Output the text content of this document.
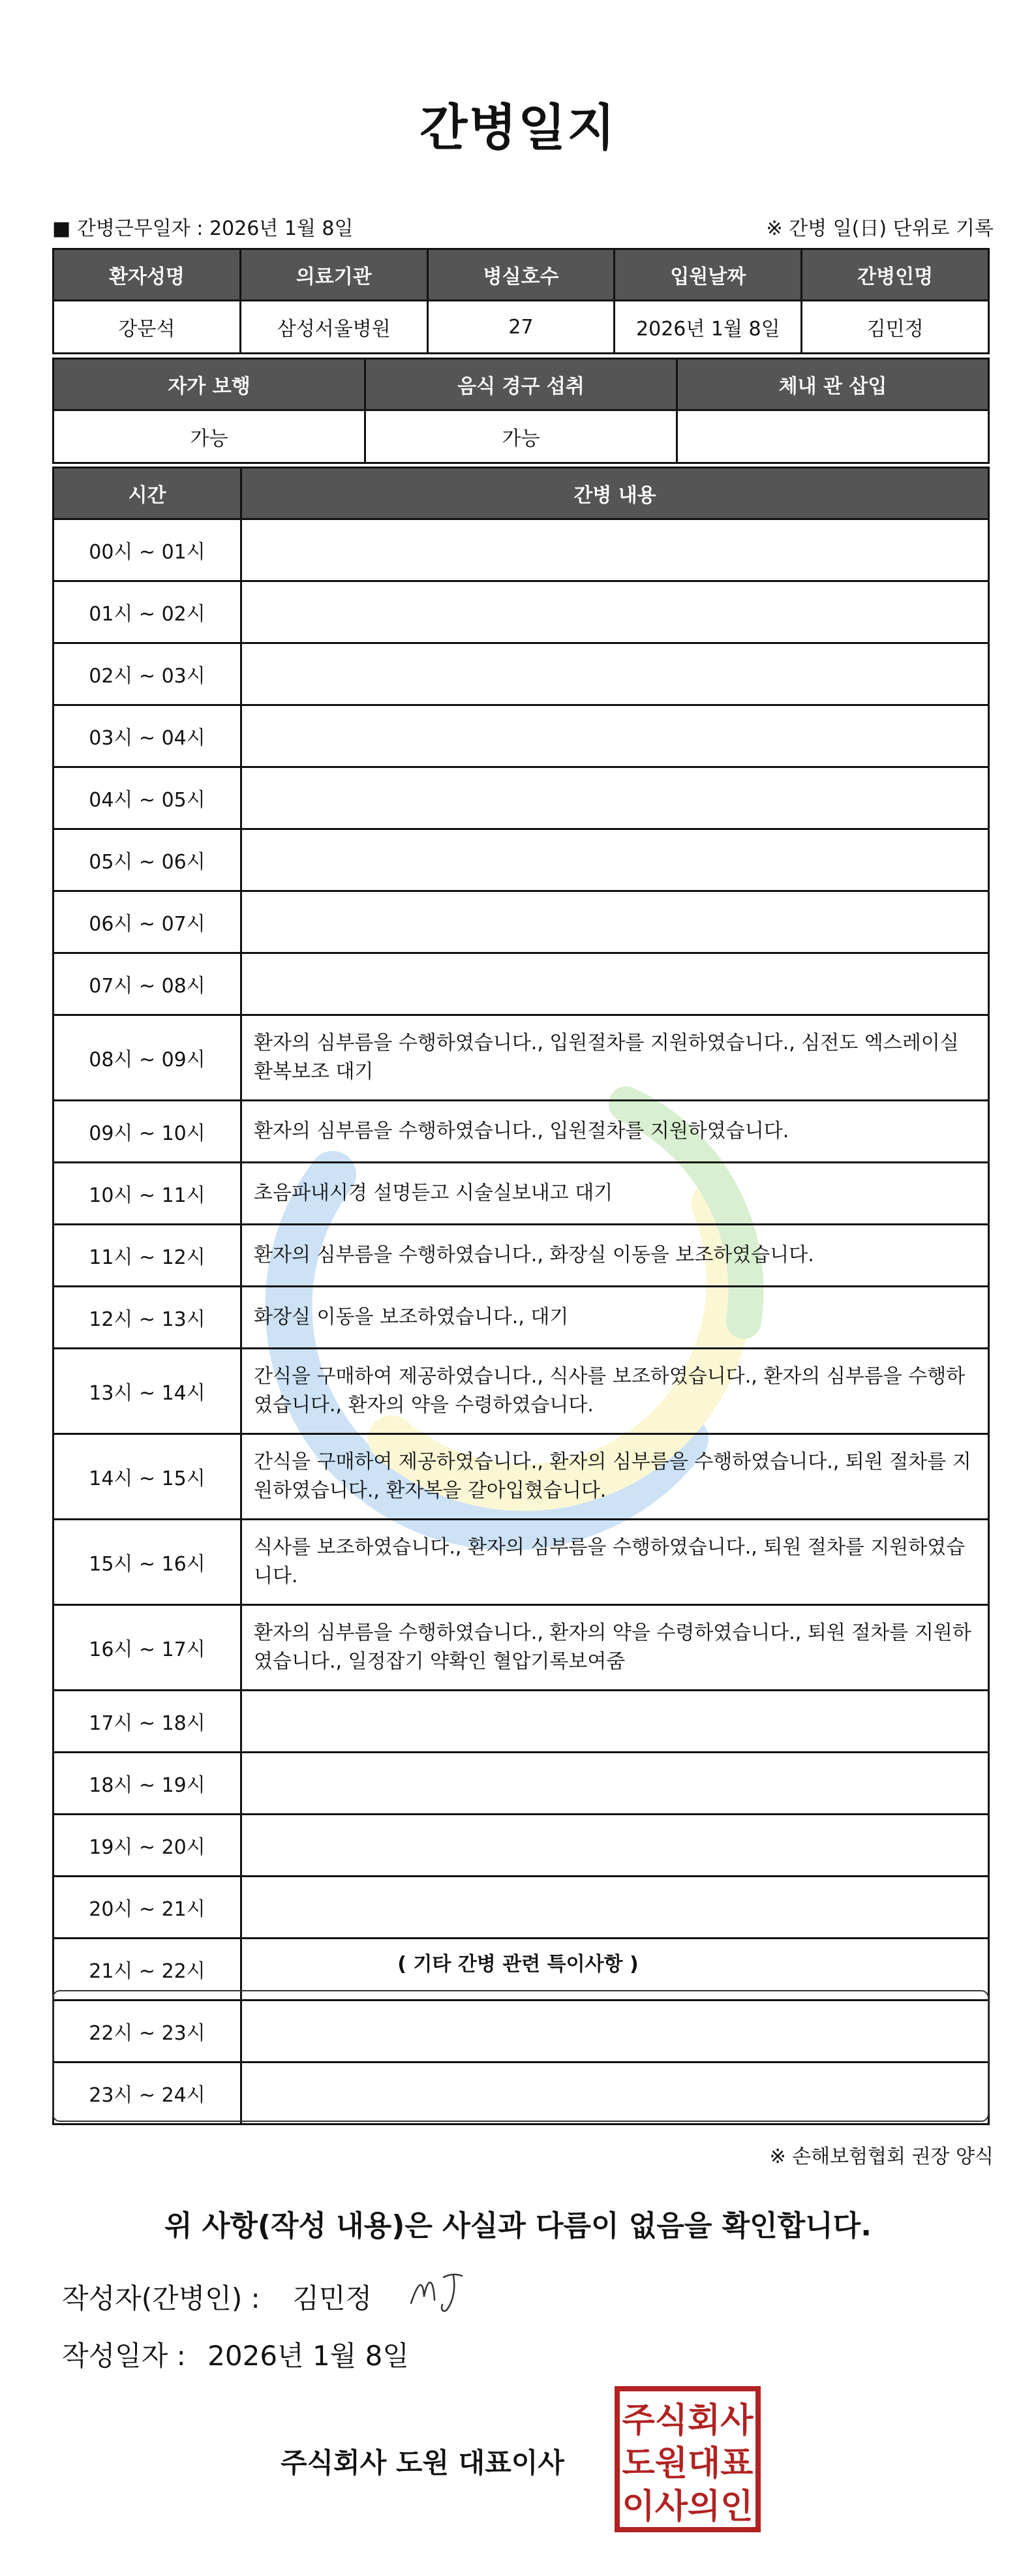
간병일지
■ 간병근무일자 : 2026년 1월 8일	※ 간병 일(日) 단위로 기록
환자성명	의료기관	병실호수	입원날짜	간병인명
강문석	삼성서울병원	27	2026년 1월 8일	김민정
자가 보행	음식 경구 섭취	체내 관 삽입
가능	가능	
시간	간병 내용
00시 ~ 01시	
01시 ~ 02시	
02시 ~ 03시	
03시 ~ 04시	
04시 ~ 05시	
05시 ~ 06시	
06시 ~ 07시	
07시 ~ 08시	
08시 ~ 09시	환자의 심부름을 수행하였습니다., 입원절차를 지원하였습니다., 심전도 엑스레이실 환복보조 대기
09시 ~ 10시	환자의 심부름을 수행하였습니다., 입원절차를 지원하였습니다.
10시 ~ 11시	초음파내시경 설명듣고 시술실보내고 대기
11시 ~ 12시	환자의 심부름을 수행하였습니다., 화장실 이동을 보조하였습니다.
12시 ~ 13시	화장실 이동을 보조하였습니다., 대기
13시 ~ 14시	간식을 구매하여 제공하였습니다., 식사를 보조하였습니다., 환자의 심부름을 수행하였습니다., 환자의 약을 수령하였습니다.
14시 ~ 15시	간식을 구매하여 제공하였습니다., 환자의 심부름을 수행하였습니다., 퇴원 절차를 지원하였습니다., 환자복을 갈아입혔습니다.
15시 ~ 16시	식사를 보조하였습니다., 환자의 심부름을 수행하였습니다., 퇴원 절차를 지원하였습니다.
16시 ~ 17시	환자의 심부름을 수행하였습니다., 환자의 약을 수령하였습니다., 퇴원 절차를 지원하였습니다., 일정잡기 약확인 혈압기록보여줌
17시 ~ 18시	
18시 ~ 19시	
19시 ~ 20시	
20시 ~ 21시	
21시 ~ 22시	
22시 ~ 23시	
23시 ~ 24시	
( 기타 간병 관련 특이사항 )
※ 손해보험협회 권장 양식
위 사항(작성 내용)은 사실과 다름이 없음을 확인합니다.
작성자(간병인) : 김민정
작성일자 : 2026년 1월 8일
주식회사 도원 대표이사
주식회사
도원대표
이사의인
